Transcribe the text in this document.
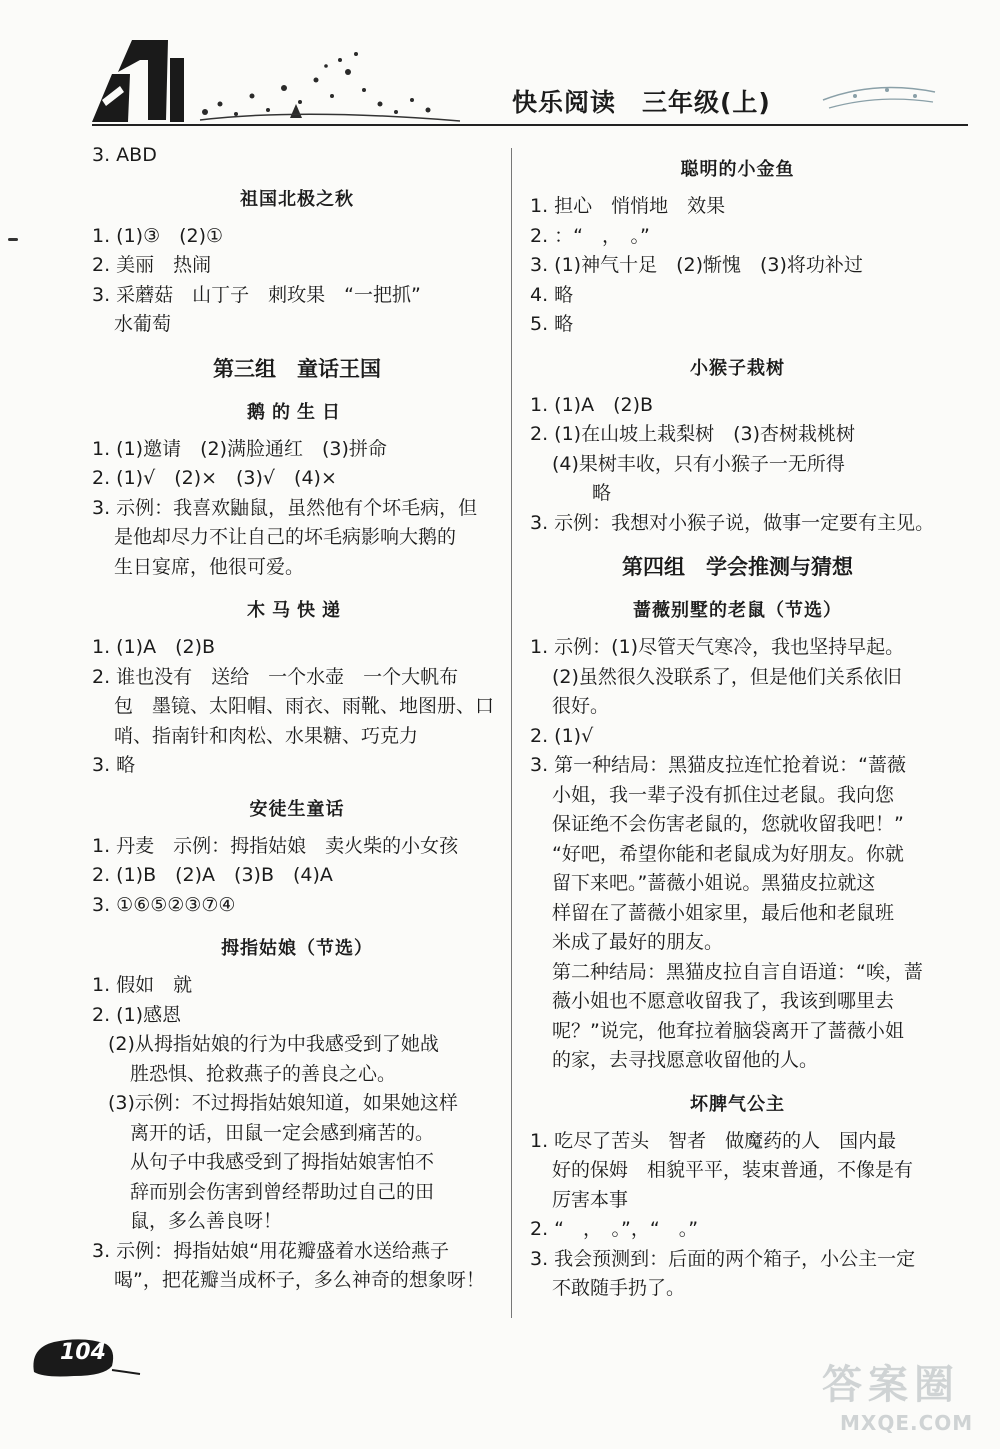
快乐阅读　三年级(上)
3. ABD
祖国北极之秋
1. (1)③　(2)①
2. 美丽　热闹
3. 采蘑菇　山丁子　刺玫果　“一把抓”
水葡萄
第三组　童话王国
鹅的生日
1. (1)邀请　(2)满脸通红　(3)拼命
2. (1)√　(2)×　(3)√　(4)×
3. 示例：我喜欢鼬鼠，虽然他有个坏毛病，但
是他却尽力不让自己的坏毛病影响大鹅的
生日宴席，他很可爱。
木马快递
1. (1)A　(2)B
2. 谁也没有　送给　一个水壶　一个大帆布
包　墨镜、太阳帽、雨衣、雨靴、地图册、口
哨、指南针和肉松、水果糖、巧克力
3. 略
安徒生童话
1. 丹麦　示例：拇指姑娘　卖火柴的小女孩
2. (1)B　(2)A　(3)B　(4)A
3. ①⑥⑤②③⑦④
拇指姑娘（节选）
1. 假如　就
2. (1)感恩
(2)从拇指姑娘的行为中我感受到了她战
胜恐惧、抢救燕子的善良之心。
(3)示例：不过拇指姑娘知道，如果她这样
离开的话，田鼠一定会感到痛苦的。
从句子中我感受到了拇指姑娘害怕不
辞而别会伤害到曾经帮助过自己的田
鼠，多么善良呀！
3. 示例：拇指姑娘“用花瓣盛着水送给燕子
喝”，把花瓣当成杯子，多么神奇的想象呀！
聪明的小金鱼
1. 担心　悄悄地　效果
2. ：“　，　。”
3. (1)神气十足　(2)惭愧　(3)将功补过
4. 略
5. 略
小猴子栽树
1. (1)A　(2)B
2. (1)在山坡上栽梨树　(3)杏树栽桃树
(4)果树丰收，只有小猴子一无所得
略
3. 示例：我想对小猴子说，做事一定要有主见。
第四组　学会推测与猜想
蔷薇别墅的老鼠（节选）
1. 示例：(1)尽管天气寒冷，我也坚持早起。
(2)虽然很久没联系了，但是他们关系依旧
很好。
2. (1)√
3. 第一种结局：黑猫皮拉连忙抢着说：“蔷薇
小姐，我一辈子没有抓住过老鼠。我向您
保证绝不会伤害老鼠的，您就收留我吧！”
“好吧，希望你能和老鼠成为好朋友。你就
留下来吧。”蔷薇小姐说。黑猫皮拉就这
样留在了蔷薇小姐家里，最后他和老鼠班
米成了最好的朋友。
第二种结局：黑猫皮拉自言自语道：“唉，蔷
薇小姐也不愿意收留我了，我该到哪里去
呢？”说完，他耷拉着脑袋离开了蔷薇小姐
的家，去寻找愿意收留他的人。
坏脾气公主
1. 吃尽了苦头　智者　做魔药的人　国内最
好的保姆　相貌平平，装束普通，不像是有
厉害本事
2. “　，　。”，“　。”
3. 我会预测到：后面的两个箱子，小公主一定
不敢随手扔了。
104
答案圈
MXQE.COM
